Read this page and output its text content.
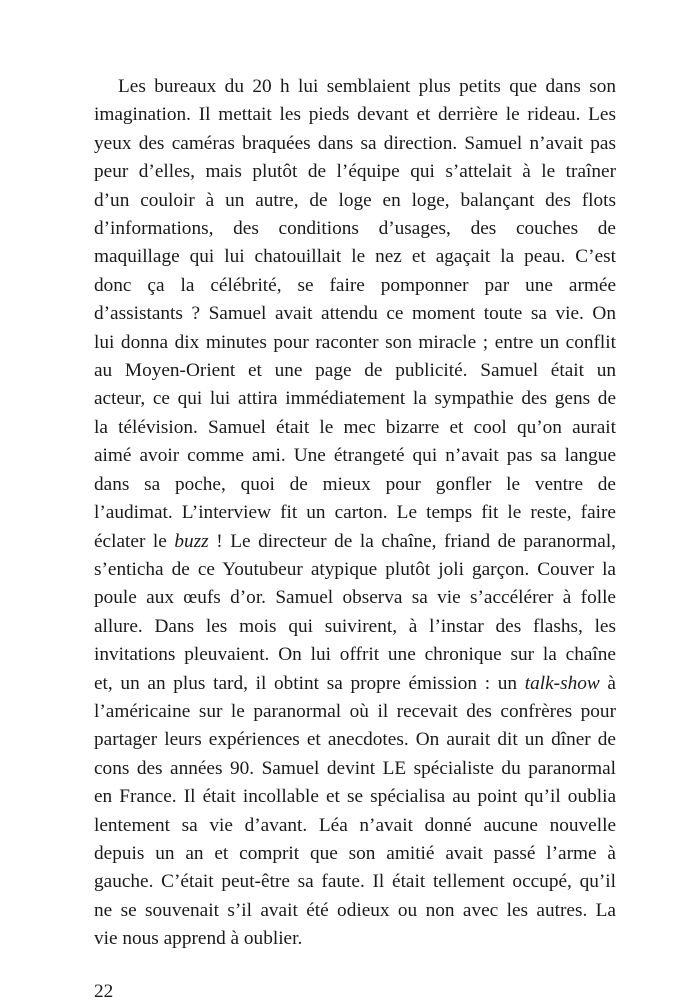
Les bureaux du 20 h lui semblaient plus petits que dans son
imagination. Il mettait les pieds devant et derrière le rideau. Les
yeux des caméras braquées dans sa direction. Samuel n’avait pas
peur d’elles, mais plutôt de l’équipe qui s’attelait à le traîner
d’un couloir à un autre, de loge en loge, balançant des flots
d’informations, des conditions d’usages, des couches de
maquillage qui lui chatouillait le nez et agaçait la peau. C’est
donc ça la célébrité, se faire pomponner par une armée
d’assistants ? Samuel avait attendu ce moment toute sa vie. On
lui donna dix minutes pour raconter son miracle ; entre un conflit
au Moyen-Orient et une page de publicité. Samuel était un
acteur, ce qui lui attira immédiatement la sympathie des gens de
la télévision. Samuel était le mec bizarre et cool qu’on aurait
aimé avoir comme ami. Une étrangeté qui n’avait pas sa langue
dans sa poche, quoi de mieux pour gonfler le ventre de
l’audimat. L’interview fit un carton. Le temps fit le reste, faire
éclater le buzz ! Le directeur de la chaîne, friand de paranormal,
s’enticha de ce Youtubeur atypique plutôt joli garçon. Couver la
poule aux œufs d’or. Samuel observa sa vie s’accélérer à folle
allure. Dans les mois qui suivirent, à l’instar des flashs, les
invitations pleuvaient. On lui offrit une chronique sur la chaîne
et, un an plus tard, il obtint sa propre émission : un talk-show à
l’américaine sur le paranormal où il recevait des confrères pour
partager leurs expériences et anecdotes. On aurait dit un dîner de
cons des années 90. Samuel devint LE spécialiste du paranormal
en France. Il était incollable et se spécialisa au point qu’il oublia
lentement sa vie d’avant. Léa n’avait donné aucune nouvelle
depuis un an et comprit que son amitié avait passé l’arme à
gauche. C’était peut-être sa faute. Il était tellement occupé, qu’il
ne se souvenait s’il avait été odieux ou non avec les autres. La
vie nous apprend à oublier.
22
